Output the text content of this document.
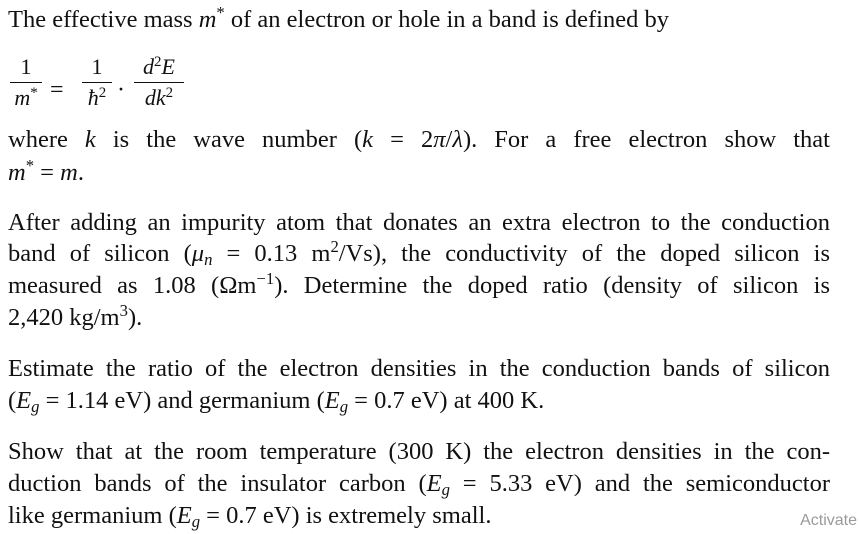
The effective mass m* of an electron or hole in a band is defined by
1
m* =
1
$ħ^2$ ·
$d^2E$
$dk^2$
where k is the wave number (k = 2π/λ). For a free electron show that
m* = m.
After adding an impurity atom that donates an extra electron to the conduction
band of silicon ($\mu_n = 0.13$ $m^2/Vs$), the conductivity of the doped silicon is
measured as 1.08 $(\Omega m^{-1})$. Determine the doped ratio (density of silicon is
2,420 $kg/m^3$).
Estimate the ratio of the electron densities in the conduction bands of silicon
($E_g = 1.14$ eV) and germanium ($E_g = 0.7$ eV) at 400 K.
Show that at the room temperature (300 K) the electron densities in the con-
duction bands of the insulator carbon ($E_g = 5.33$ eV) and the semiconductor
like germanium ($E_g = 0.7$ eV) is extremely small.	Activate
